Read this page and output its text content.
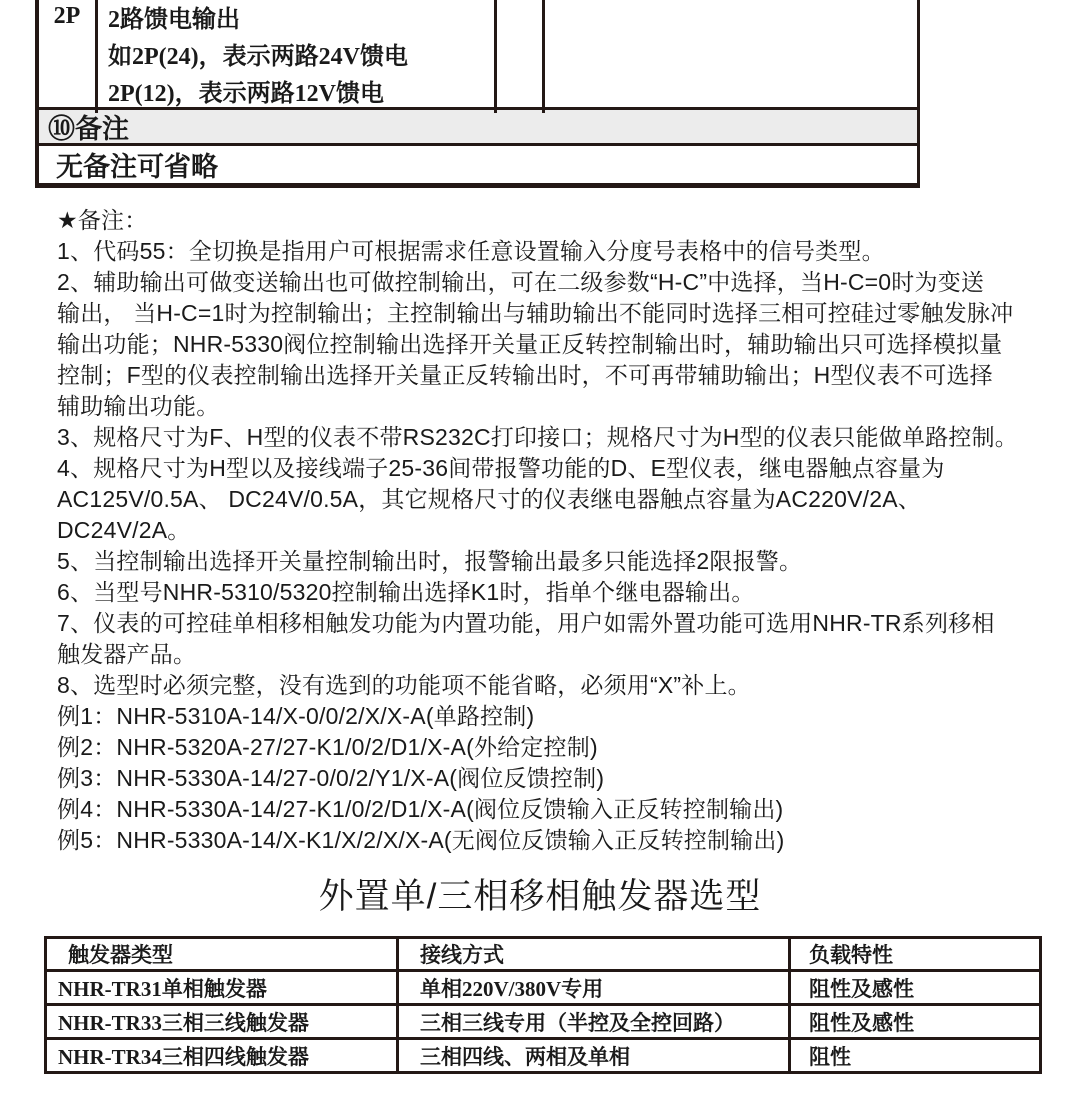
2P	2路馈电输出
如2P(24)，表示两路24V馈电
2P(12)，表示两路12V馈电
⑩备注
无备注可省略
★备注：
1、代码55：全切换是指用户可根据需求任意设置输入分度号表格中的信号类型。
2、辅助输出可做变送输出也可做控制输出，可在二级参数“H-C”中选择，当H-C=0时为变送
输出， 当H-C=1时为控制输出；主控制输出与辅助输出不能同时选择三相可控硅过零触发脉冲
输出功能；NHR-5330阀位控制输出选择开关量正反转控制输出时，辅助输出只可选择模拟量
控制；F型的仪表控制输出选择开关量正反转输出时，不可再带辅助输出；H型仪表不可选择
辅助输出功能。
3、规格尺寸为F、H型的仪表不带RS232C打印接口；规格尺寸为H型的仪表只能做单路控制。
4、规格尺寸为H型以及接线端子25-36间带报警功能的D、E型仪表，继电器触点容量为
AC125V/0.5A、 DC24V/0.5A，其它规格尺寸的仪表继电器触点容量为AC220V/2A、
DC24V/2A。
5、当控制输出选择开关量控制输出时，报警输出最多只能选择2限报警。
6、当型号NHR-5310/5320控制输出选择K1时，指单个继电器输出。
7、仪表的可控硅单相移相触发功能为内置功能，用户如需外置功能可选用NHR-TR系列移相
触发器产品。
8、选型时必须完整，没有选到的功能项不能省略，必须用“X”补上。
例1：NHR-5310A-14/X-0/0/2/X/X-A(单路控制)
例2：NHR-5320A-27/27-K1/0/2/D1/X-A(外给定控制)
例3：NHR-5330A-14/27-0/0/2/Y1/X-A(阀位反馈控制)
例4：NHR-5330A-14/27-K1/0/2/D1/X-A(阀位反馈输入正反转控制输出)
例5：NHR-5330A-14/X-K1/X/2/X/X-A(无阀位反馈输入正反转控制输出)
外置单/三相移相触发器选型
触发器类型	接线方式	负载特性
NHR-TR31单相触发器	单相220V/380V专用	阻性及感性
NHR-TR33三相三线触发器	三相三线专用（半控及全控回路）	阻性及感性
NHR-TR34三相四线触发器	三相四线、两相及单相	阻性
